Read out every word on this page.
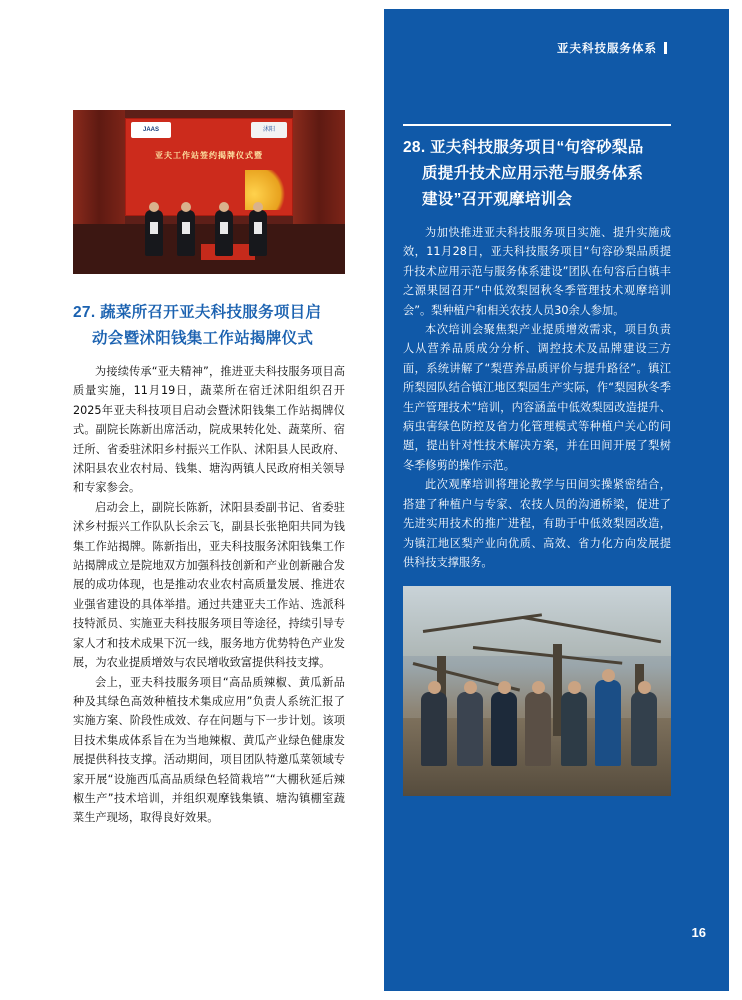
JAAS	沭阳
亚夫工作站签约揭牌仪式暨
27. 蔬菜所召开亚夫科技服务项目启
动会暨沭阳钱集工作站揭牌仪式

为接续传承“亚夫精神”，推进亚夫科技服务项目高质量实施，11月19日，蔬菜所在宿迁沭阳组织召开2025年亚夫科技项目启动会暨沭阳钱集工作站揭牌仪式。副院长陈新出席活动，院成果转化处、蔬菜所、宿迁所、省委驻沭阳乡村振兴工作队、沭阳县人民政府、沭阳县农业农村局、钱集、塘沟两镇人民政府相关领导和专家参会。

启动会上，副院长陈新，沭阳县委副书记、省委驻沭乡村振兴工作队队长余云飞，副县长张艳阳共同为钱集工作站揭牌。陈新指出，亚夫科技服务沭阳钱集工作站揭牌成立是院地双方加强科技创新和产业创新融合发展的成功体现，也是推动农业农村高质量发展、推进农业强省建设的具体举措。通过共建亚夫工作站、选派科技特派员、实施亚夫科技服务项目等途径，持续引导专家人才和技术成果下沉一线，服务地方优势特色产业发展，为农业提质增效与农民增收致富提供科技支撑。

会上，亚夫科技服务项目“高品质辣椒、黄瓜新品种及其绿色高效种植技术集成应用”负责人系统汇报了实施方案、阶段性成效、存在问题与下一步计划。该项目技术集成体系旨在为当地辣椒、黄瓜产业绿色健康发展提供科技支撑。活动期间，项目团队特邀瓜菜领域专家开展“设施西瓜高品质绿色轻简栽培”“大棚秋延后辣椒生产”技术培训，并组织观摩钱集镇、塘沟镇棚室蔬菜生产现场，取得良好效果。

亚夫科技服务体系
28. 亚夫科技服务项目“句容砂梨品
质提升技术应用示范与服务体系
建设”召开观摩培训会

为加快推进亚夫科技服务项目实施、提升实施成效，11月28日，亚夫科技服务项目“句容砂梨品质提升技术应用示范与服务体系建设”团队在句容后白镇丰之源果园召开“中低效梨园秋冬季管理技术观摩培训会”。梨种植户和相关农技人员30余人参加。

本次培训会聚焦梨产业提质增效需求，项目负责人从营养品质成分分析、调控技术及品牌建设三方面，系统讲解了“梨营养品质评价与提升路径”。镇江所梨园队结合镇江地区梨园生产实际，作“梨园秋冬季生产管理技术”培训，内容涵盖中低效梨园改造提升、病虫害绿色防控及省力化管理模式等种植户关心的问题，提出针对性技术解决方案，并在田间开展了梨树冬季修剪的操作示范。

此次观摩培训将理论教学与田间实操紧密结合，搭建了种植户与专家、农技人员的沟通桥梁，促进了先进实用技术的推广进程，有助于中低效梨园改造，为镇江地区梨产业向优质、高效、省力化方向发展提供科技支撑服务。

16
